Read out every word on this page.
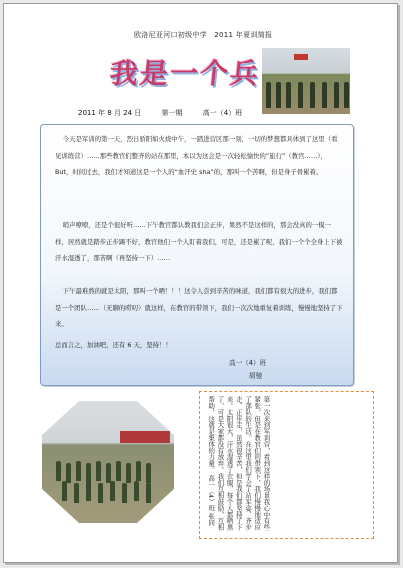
欧洛尼亚河口初级中学　2011 年夏训简报
我是一个兵
2011 年 8 月 24 日	第一期	高一（4）班
今天是军训的第一天，烈日骄阳如火烧中午，一踏进营区那一刻，一切的梦想都具体到了这里（看见训练营）……那些教官们整齐的站在那里，本以为这会是一次轻松愉快的“旅行”（教官……），But，时间过去，我们才知道这是一个人的“血汗史 sha”的，那叫一个苦啊，但是身子骨累着。
哨声嘹嘹，还是个很好听……下午教官都认教我们会正步，果然不是这样的，那会没真的一模一样，居然就是踏步正步踢不好，教官他们一个人盯着我们，可是，还是累了呢，我们一个个全身上下被汗水湿透了，那苦啊（再坚持一下）……
下午最难熬的就是太阳，那叫一个晒！！！这令人尝到辛苦的味道，我们都有很大的进步，我们都是一个团队……（无聊的唠叨）就这样，在教官的带领下，我们一次次地重复着训练，慢慢地坚持了下来。
总而言之，加油吧，还有 6 天，坚持！！
高一（4）班
胡驰
第一次来到军训营，看到这样的场景我心中有些紧张，但是在教官们的带领下，我们慢慢地适应了部队的生活。在这里我们学会了站军姿、齐步走、正步走，虽然很辛苦，但是我们都坚持了下来。太阳很大，汗水湿透了衣服，每个人都晒黑了，可是大家都没有放弃。我们互相鼓励，互相帮助，这就是集体的力量。 高一（4）班 张同
